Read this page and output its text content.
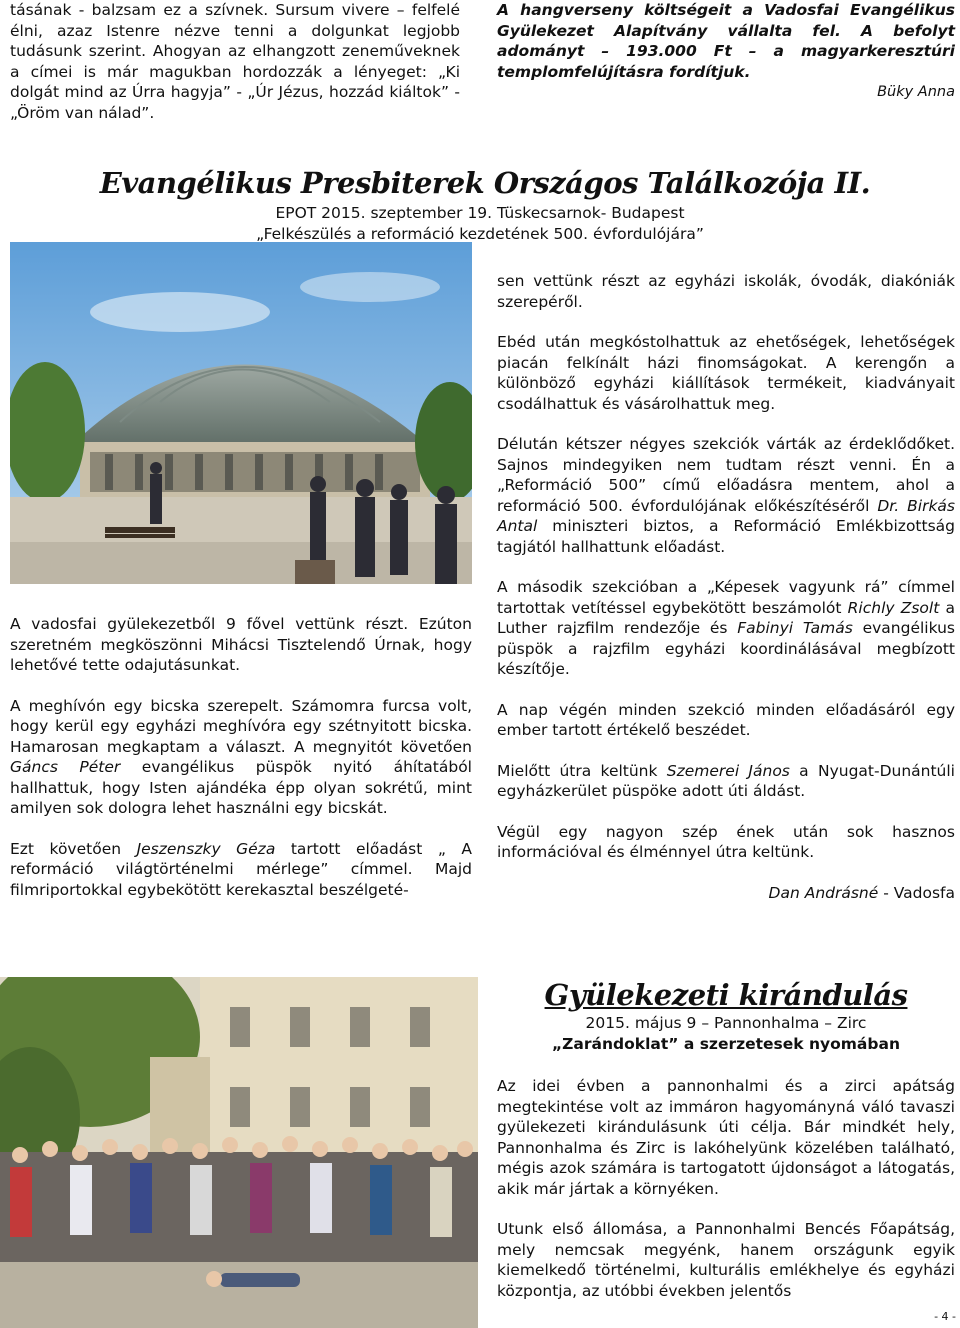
tásának - balzsam ez a szívnek. Sursum vivere – felfelé élni, azaz Istenre nézve tenni a dolgunkat legjobb tudásunk szerint. Ahogyan az elhangzott zeneműveknek a címei is már magukban hordozzák a lényeget: „Ki dolgát mind az Úrra hagyja” - „Úr Jézus, hozzád kiáltok” - „Öröm van nálad”.

A hangverseny költségeit a Vadosfai Evangélikus Gyülekezet Alapítvány vállalta fel. A befolyt adományt – 193.000 Ft – a magyarkeresztúri templomfelújításra fordítjuk.

Büky Anna

Evangélikus Presbiterek Országos Találkozója II.
EPOT 2015. szeptember 19. Tüskecsarnok- Budapest
„Felkészülés a reformáció kezdetének 500. évfordulójára”

A vadosfai gyülekezetből 9 fővel vettünk részt. Ezúton szeretném megköszönni Mihácsi Tisztelendő Úrnak, hogy lehetővé tette odajutásunkat.

A meghívón egy bicska szerepelt. Számomra furcsa volt, hogy kerül egy egyházi meghívóra egy szétnyitott bicska. Hamarosan megkaptam a választ. A megnyitót követően Gáncs Péter evangélikus püspök nyitó áhítatából hallhattuk, hogy Isten ajándéka épp olyan sokrétű, mint amilyen sok dologra lehet használni egy bicskát.

Ezt követően Jeszenszky Géza tartott előadást „ A reformáció világtörténelmi mérlege” címmel. Majd filmriportokkal egybekötött kerekasztal beszélgeté-

sen vettünk részt az egyházi iskolák, óvodák, diakóniák szerepéről.

Ebéd után megkóstolhattuk az ehetőségek, lehetőségek piacán felkínált házi finomságokat. A kerengőn a különböző egyházi kiállítások termékeit, kiadványait csodálhattuk és vásárolhattuk meg.

Délután kétszer négyes szekciók várták az érdeklődőket. Sajnos mindegyiken nem tudtam részt venni. Én a „Reformáció 500” című előadásra mentem, ahol a reformáció 500. évfordulójának előkészítéséről Dr. Birkás Antal miniszteri biztos, a Reformáció Emlékbizottság tagjától hallhattunk előadást.

A második szekcióban a „Képesek vagyunk rá” címmel tartottak vetítéssel egybekötött beszámolót Richly Zsolt a Luther rajzfilm rendezője és Fabinyi Tamás evangélikus püspök a rajzfilm egyházi koordinálásával megbízott készítője.

A nap végén minden szekció minden előadásáról egy ember tartott értékelő beszédet.

Mielőtt útra keltünk Szemerei János a Nyugat-Dunántúli egyházkerület püspöke adott úti áldást.

Végül egy nagyon szép ének után sok hasznos információval és élménnyel útra keltünk.

Dan Andrásné - Vadosfa

Gyülekezeti kirándulás
2015. május 9 – Pannonhalma – Zirc
„Zarándoklat” a szerzetesek nyomában

Az idei évben a pannonhalmi és a zirci apátság megtekintése volt az immáron hagyományná váló tavaszi gyülekezeti kirándulásunk úti célja. Bár mindkét hely, Pannonhalma és Zirc is lakóhelyünk közelében található, mégis azok számára is tartogatott újdonságot a látogatás, akik már jártak a környéken.

Utunk első állomása, a Pannonhalmi Bencés Főapátság, mely nemcsak megyénk, hanem országunk egyik kiemelkedő történelmi, kulturális emlékhelye és egyházi központja, az utóbbi években jelentős

- 4 -
